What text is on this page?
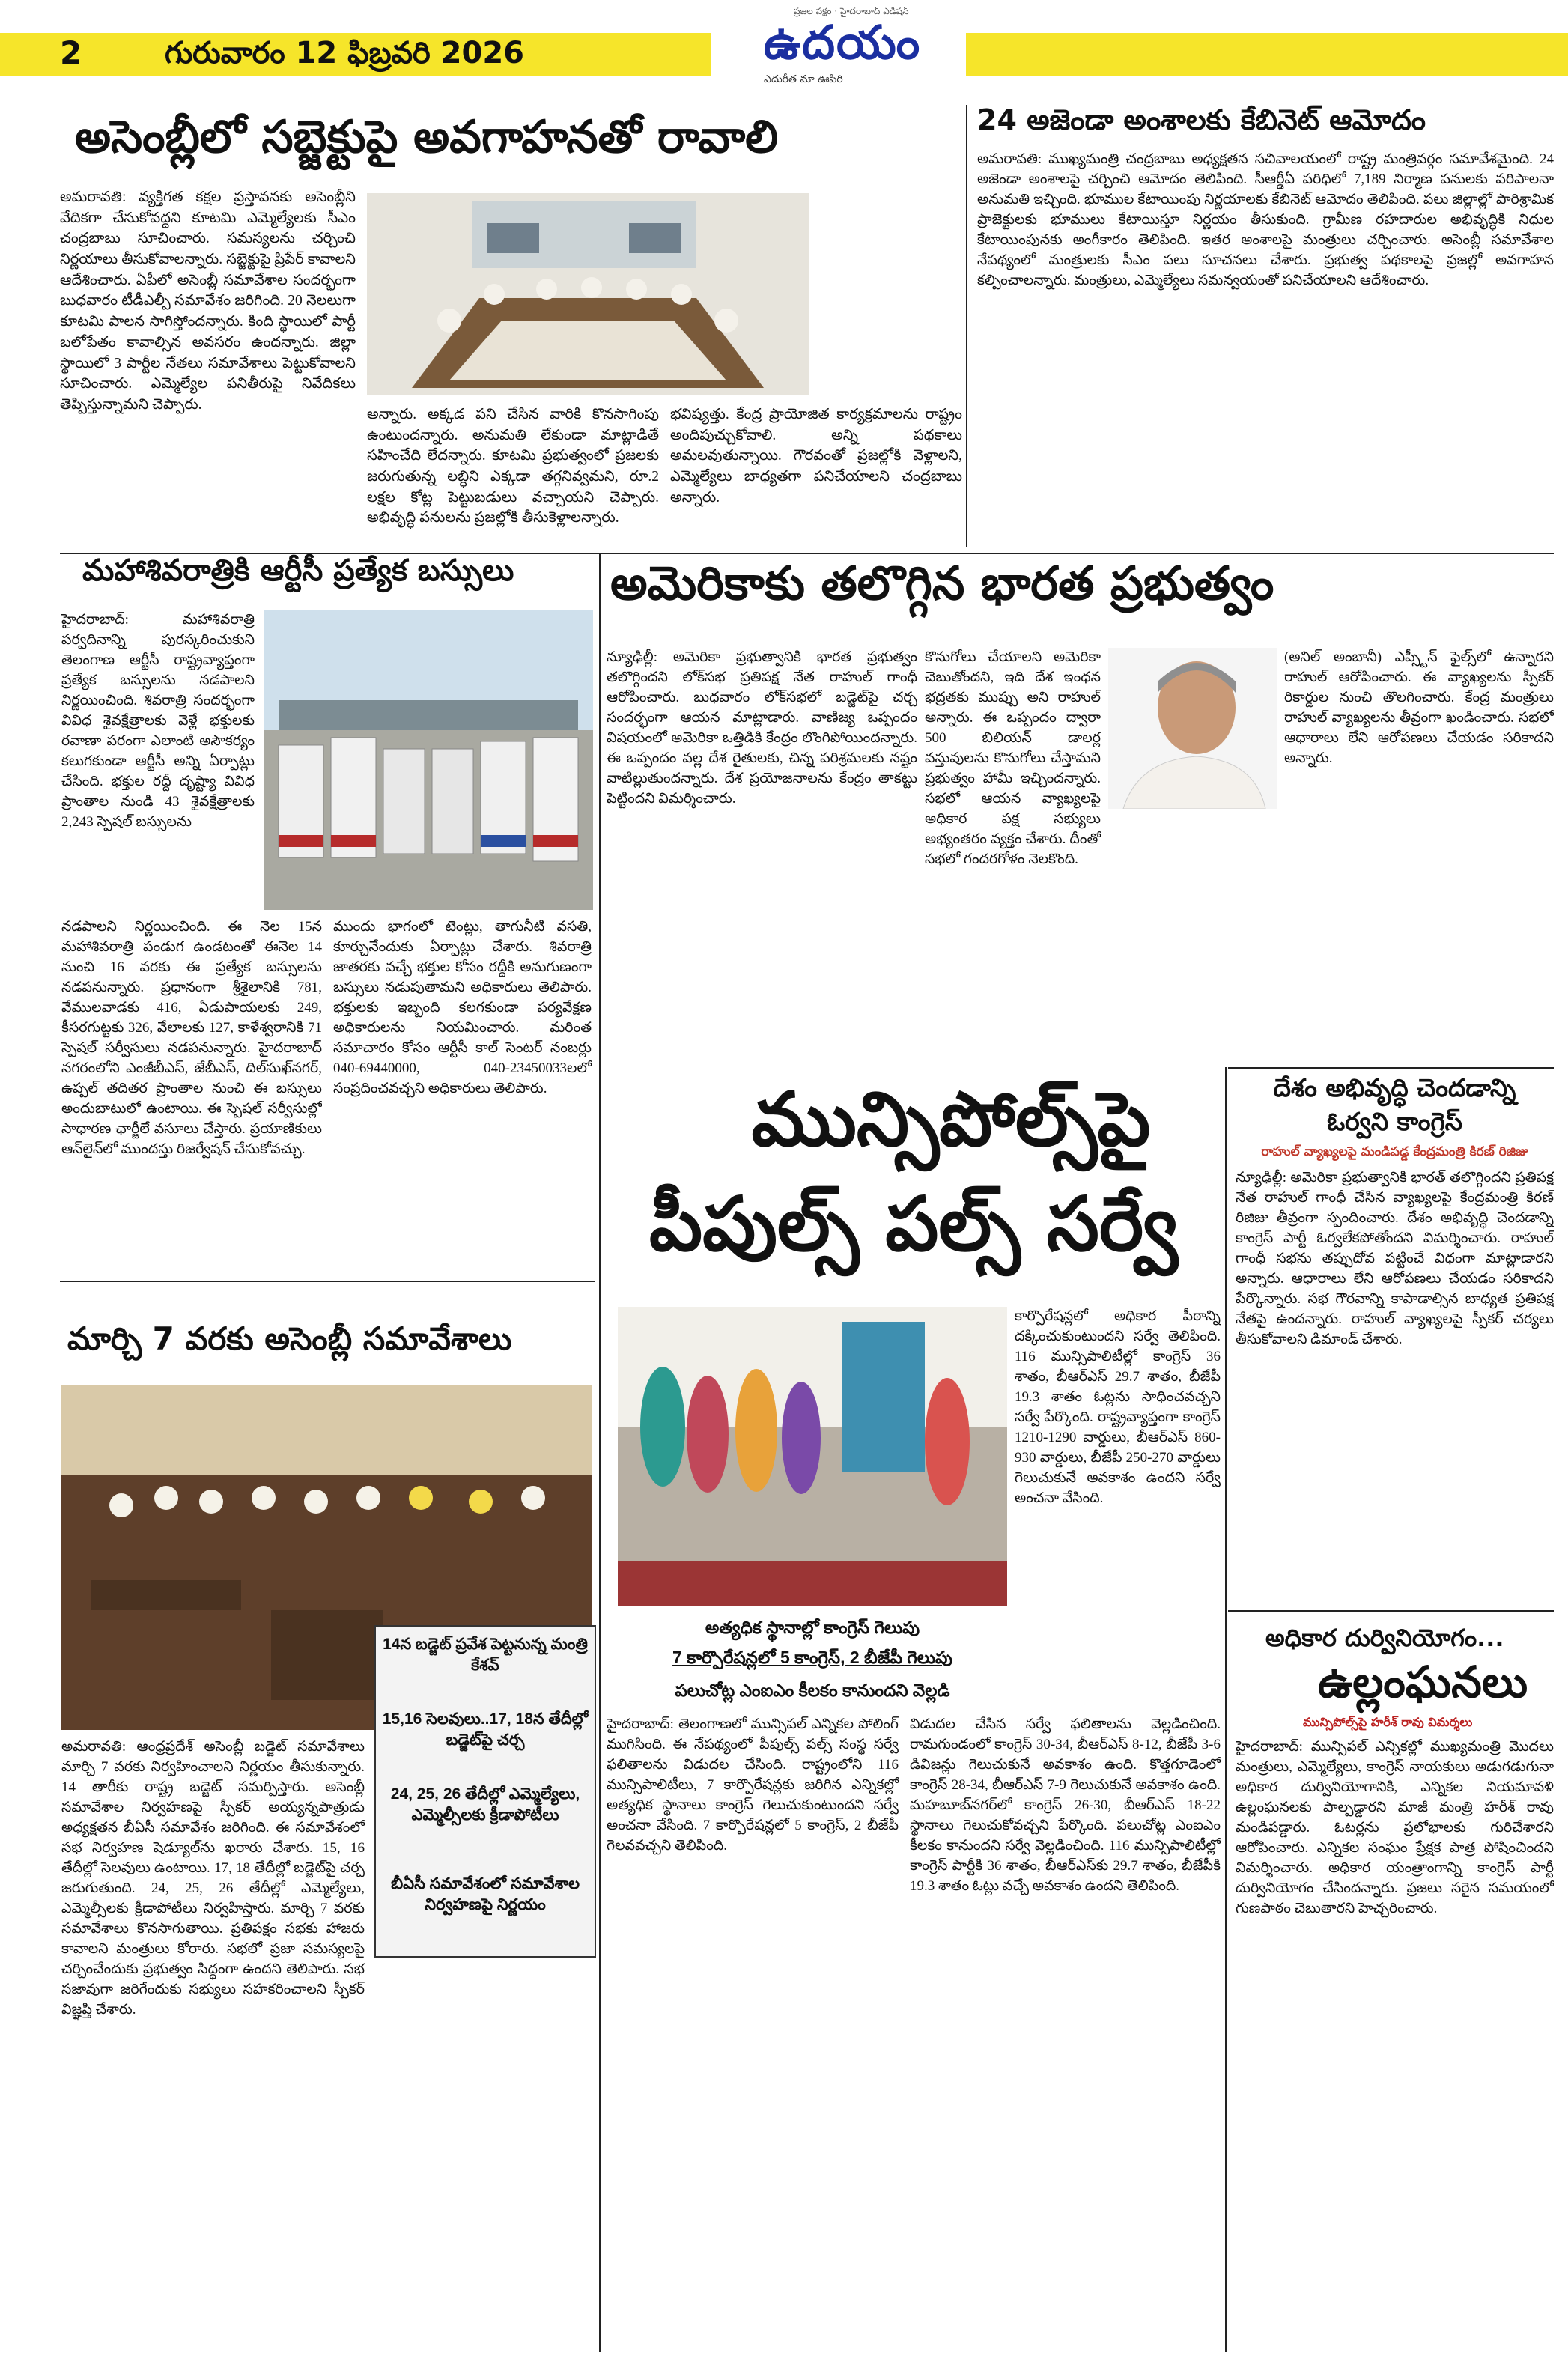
2	గురువారం 12 ఫిబ్రవరి 2026
ప్రజల పక్షం · హైదరాబాద్ ఎడిషన్
ఉదయం
ఎదురీత మా ఊపిరి
అసెంబ్లీలో సబ్జెక్టుపై అవగాహనతో రావాలి
అమరావతి: వ్యక్తిగత కక్షల ప్రస్తావనకు అసెంబ్లీని వేదికగా చేసుకోవద్దని కూటమి ఎమ్మెల్యేలకు సీఎం చంద్రబాబు సూచించారు. సమస్యలను చర్చించి నిర్ణయాలు తీసుకోవాలన్నారు. సబ్జెక్టుపై ప్రిపేర్ కావాలని ఆదేశించారు. ఏపీలో అసెంబ్లీ సమావేశాల సందర్భంగా బుధవారం టీడీఎల్పీ సమావేశం జరిగింది. 20 నెలలుగా కూటమి పాలన సాగిస్తోందన్నారు. కింది స్థాయిలో పార్టీ బలోపేతం కావాల్సిన అవసరం ఉందన్నారు. జిల్లా స్థాయిలో 3 పార్టీల నేతలు సమావేశాలు పెట్టుకోవాలని సూచించారు. ఎమ్మెల్యేల పనితీరుపై నివేదికలు తెప్పిస్తున్నామని చెప్పారు.
అన్నారు. అక్కడ పని చేసిన వారికి కొనసాగింపు ఉంటుందన్నారు. అనుమతి లేకుండా మాట్లాడితే సహించేది లేదన్నారు. కూటమి ప్రభుత్వంలో ప్రజలకు జరుగుతున్న లబ్ధిని ఎక్కడా తగ్గనివ్వమని, రూ.2 లక్షల కోట్ల పెట్టుబడులు వచ్చాయని చెప్పారు. అభివృద్ధి పనులను ప్రజల్లోకి తీసుకెళ్లాలన్నారు.
భవిష్యత్తు. కేంద్ర ప్రాయోజిత కార్యక్రమాలను రాష్ట్రం అందిపుచ్చుకోవాలి. అన్ని పథకాలు అమలవుతున్నాయి. గౌరవంతో ప్రజల్లోకి వెళ్లాలని, ఎమ్మెల్యేలు బాధ్యతగా పనిచేయాలని చంద్రబాబు అన్నారు.
24 అజెండా అంశాలకు కేబినెట్ ఆమోదం
అమరావతి: ముఖ్యమంత్రి చంద్రబాబు అధ్యక్షతన సచివాలయంలో రాష్ట్ర మంత్రివర్గం సమావేశమైంది. 24 అజెండా అంశాలపై చర్చించి ఆమోదం తెలిపింది. సీఆర్డీఏ పరిధిలో 7,189 నిర్మాణ పనులకు పరిపాలనా అనుమతి ఇచ్చింది. భూముల కేటాయింపు నిర్ణయాలకు కేబినెట్ ఆమోదం తెలిపింది. పలు జిల్లాల్లో పారిశ్రామిక ప్రాజెక్టులకు భూములు కేటాయిస్తూ నిర్ణయం తీసుకుంది. గ్రామీణ రహదారుల అభివృద్ధికి నిధుల కేటాయింపునకు అంగీకారం తెలిపింది. ఇతర అంశాలపై మంత్రులు చర్చించారు. అసెంబ్లీ సమావేశాల నేపథ్యంలో మంత్రులకు సీఎం పలు సూచనలు చేశారు. ప్రభుత్వ పథకాలపై ప్రజల్లో అవగాహన కల్పించాలన్నారు. మంత్రులు, ఎమ్మెల్యేలు సమన్వయంతో పనిచేయాలని ఆదేశించారు.
మహాశివరాత్రికి ఆర్టీసీ ప్రత్యేక బస్సులు
హైదరాబాద్: మహాశివరాత్రి పర్వదినాన్ని పురస్కరించుకుని తెలంగాణ ఆర్టీసీ రాష్ట్రవ్యాప్తంగా ప్రత్యేక బస్సులను నడపాలని నిర్ణయించింది. శివరాత్రి సందర్భంగా వివిధ శైవక్షేత్రాలకు వెళ్లే భక్తులకు రవాణా పరంగా ఎలాంటి అసౌకర్యం కలుగకుండా ఆర్టీసీ అన్ని ఏర్పాట్లు చేసింది. భక్తుల రద్దీ దృష్ట్యా వివిధ ప్రాంతాల నుండి 43 శైవక్షేత్రాలకు 2,243 స్పెషల్ బస్సులను
నడపాలని నిర్ణయించింది. ఈ నెల 15న మహాశివరాత్రి పండుగ ఉండటంతో ఈనెల 14 నుంచి 16 వరకు ఈ ప్రత్యేక బస్సులను నడపనున్నారు. ప్రధానంగా శ్రీశైలానికి 781, వేములవాడకు 416, ఏడుపాయలకు 249, కీసరగుట్టకు 326, వేలాలకు 127, కాళేశ్వరానికి 71 స్పెషల్ సర్వీసులు నడపనున్నారు. హైదరాబాద్ నగరంలోని ఎంజీబీఎస్, జేబీఎస్, దిల్‌సుఖ్‌నగర్, ఉప్పల్ తదితర ప్రాంతాల నుంచి ఈ బస్సులు అందుబాటులో ఉంటాయి. ఈ స్పెషల్ సర్వీసుల్లో సాధారణ ఛార్జీలే వసూలు చేస్తారు. ప్రయాణికులు ఆన్‌లైన్‌లో ముందస్తు రిజర్వేషన్ చేసుకోవచ్చు.
ముందు భాగంలో టెంట్లు, తాగునీటి వసతి, కూర్చునేందుకు ఏర్పాట్లు చేశారు. శివరాత్రి జాతరకు వచ్చే భక్తుల కోసం రద్దీకి అనుగుణంగా బస్సులు నడుపుతామని అధికారులు తెలిపారు. భక్తులకు ఇబ్బంది కలగకుండా పర్యవేక్షణ అధికారులను నియమించారు. మరింత సమాచారం కోసం ఆర్టీసీ కాల్ సెంటర్ నంబర్లు 040-69440000, 040-23450033లలో సంప్రదించవచ్చని అధికారులు తెలిపారు.
అమెరికాకు తలొగ్గిన భారత ప్రభుత్వం
న్యూఢిల్లీ: అమెరికా ప్రభుత్వానికి భారత ప్రభుత్వం తలొగ్గిందని లోక్‌సభ ప్రతిపక్ష నేత రాహుల్ గాంధీ ఆరోపించారు. బుధవారం లోక్‌సభలో బడ్జెట్‌పై చర్చ సందర్భంగా ఆయన మాట్లాడారు. వాణిజ్య ఒప్పందం విషయంలో అమెరికా ఒత్తిడికి కేంద్రం లొంగిపోయిందన్నారు. ఈ ఒప్పందం వల్ల దేశ రైతులకు, చిన్న పరిశ్రమలకు నష్టం వాటిల్లుతుందన్నారు. దేశ ప్రయోజనాలను కేంద్రం తాకట్టు పెట్టిందని విమర్శించారు.
కొనుగోలు చేయాలని అమెరికా చెబుతోందని, ఇది దేశ ఇంధన భద్రతకు ముప్పు అని రాహుల్ అన్నారు. ఈ ఒప్పందం ద్వారా 500 బిలియన్ డాలర్ల వస్తువులను కొనుగోలు చేస్తామని ప్రభుత్వం హామీ ఇచ్చిందన్నారు. సభలో ఆయన వ్యాఖ్యలపై అధికార పక్ష సభ్యులు అభ్యంతరం వ్యక్తం చేశారు. దీంతో సభలో గందరగోళం నెలకొంది.
(అనిల్ అంబానీ) ఎప్స్టీన్‌ ఫైల్స్‌లో ఉన్నారని రాహుల్ ఆరోపించారు. ఈ వ్యాఖ్యలను స్పీకర్ రికార్డుల నుంచి తొలగించారు. కేంద్ర మంత్రులు రాహుల్ వ్యాఖ్యలను తీవ్రంగా ఖండించారు. సభలో ఆధారాలు లేని ఆరోపణలు చేయడం సరికాదని అన్నారు.
మున్సిపోల్స్‌పై
పీపుల్స్ పల్స్ సర్వే
అత్యధిక స్థానాల్లో కాంగ్రెస్ గెలుపు
7 కార్పొరేషన్లలో 5 కాంగ్రెస్, 2 బీజేపీ గెలుపు
పలుచోట్ల ఎంఐఎం కీలకం కానుందని వెల్లడి
కార్పొరేషన్లలో అధికార పీఠాన్ని దక్కించుకుంటుందని సర్వే తెలిపింది. 116 మున్సిపాలిటీల్లో కాంగ్రెస్ 36 శాతం, బీఆర్ఎస్ 29.7 శాతం, బీజేపీ 19.3 శాతం ఓట్లను సాధించవచ్చని సర్వే పేర్కొంది. రాష్ట్రవ్యాప్తంగా కాంగ్రెస్ 1210-1290 వార్డులు, బీఆర్ఎస్ 860-930 వార్డులు, బీజేపీ 250-270 వార్డులు గెలుచుకునే అవకాశం ఉందని సర్వే అంచనా వేసింది.
హైదరాబాద్: తెలంగాణలో మున్సిపల్ ఎన్నికల పోలింగ్ ముగిసింది. ఈ నేపథ్యంలో పీపుల్స్ పల్స్ సంస్థ సర్వే ఫలితాలను విడుదల చేసింది. రాష్ట్రంలోని 116 మున్సిపాలిటీలు, 7 కార్పొరేషన్లకు జరిగిన ఎన్నికల్లో అత్యధిక స్థానాలు కాంగ్రెస్ గెలుచుకుంటుందని సర్వే అంచనా వేసింది. 7 కార్పొరేషన్లలో 5 కాంగ్రెస్, 2 బీజేపీ గెలవవచ్చని తెలిపింది.
విడుదల చేసిన సర్వే ఫలితాలను వెల్లడించింది. రామగుండంలో కాంగ్రెస్ 30-34, బీఆర్ఎస్ 8-12, బీజేపీ 3-6 డివిజన్లు గెలుచుకునే అవకాశం ఉంది. కొత్తగూడెంలో కాంగ్రెస్ 28-34, బీఆర్ఎస్ 7-9 గెలుచుకునే అవకాశం ఉంది. మహబూబ్‌నగర్‌లో కాంగ్రెస్ 26-30, బీఆర్ఎస్ 18-22 స్థానాలు గెలుచుకోవచ్చని పేర్కొంది. పలుచోట్ల ఎంఐఎం కీలకం కానుందని సర్వే వెల్లడించింది. 116 మున్సిపాలిటీల్లో కాంగ్రెస్ పార్టీకి 36 శాతం, బీఆర్ఎస్‌కు 29.7 శాతం, బీజేపీకి 19.3 శాతం ఓట్లు వచ్చే అవకాశం ఉందని తెలిపింది.
దేశం అభివృద్ధి చెందడాన్ని
ఓర్వని కాంగ్రెస్
రాహుల్ వ్యాఖ్యలపై మండిపడ్డ కేంద్రమంత్రి కిరణ్ రిజిజు
న్యూఢిల్లీ: అమెరికా ప్రభుత్వానికి భారత్ తలొగ్గిందని ప్రతిపక్ష నేత రాహుల్ గాంధీ చేసిన వ్యాఖ్యలపై కేంద్రమంత్రి కిరణ్ రిజిజు తీవ్రంగా స్పందించారు. దేశం అభివృద్ధి చెందడాన్ని కాంగ్రెస్ పార్టీ ఓర్వలేకపోతోందని విమర్శించారు. రాహుల్ గాంధీ సభను తప్పుదోవ పట్టించే విధంగా మాట్లాడారని అన్నారు. ఆధారాలు లేని ఆరోపణలు చేయడం సరికాదని పేర్కొన్నారు. సభ గౌరవాన్ని కాపాడాల్సిన బాధ్యత ప్రతిపక్ష నేతపై ఉందన్నారు. రాహుల్ వ్యాఖ్యలపై స్పీకర్ చర్యలు తీసుకోవాలని డిమాండ్ చేశారు.
అధికార దుర్వినియోగం...
ఉల్లంఘనలు
మున్సిపోల్స్‌పై హరీశ్ రావు విమర్శలు
హైదరాబాద్: మున్సిపల్ ఎన్నికల్లో ముఖ్యమంత్రి మొదలు మంత్రులు, ఎమ్మెల్యేలు, కాంగ్రెస్ నాయకులు అడుగడుగునా అధికార దుర్వినియోగానికి, ఎన్నికల నియమావళి ఉల్లంఘనలకు పాల్పడ్డారని మాజీ మంత్రి హరీశ్ రావు మండిపడ్డారు. ఓటర్లను ప్రలోభాలకు గురిచేశారని ఆరోపించారు. ఎన్నికల సంఘం ప్రేక్షక పాత్ర పోషించిందని విమర్శించారు. అధికార యంత్రాంగాన్ని కాంగ్రెస్ పార్టీ దుర్వినియోగం చేసిందన్నారు. ప్రజలు సరైన సమయంలో గుణపాఠం చెబుతారని హెచ్చరించారు.
మార్చి 7 వరకు అసెంబ్లీ సమావేశాలు
14న బడ్జెట్ ప్రవేశ పెట్టనున్న మంత్రి కేశవ్
15,16 సెలవులు..17, 18న తేదీల్లో బడ్జెట్‌పై చర్చ
24, 25, 26 తేదీల్లో ఎమ్మెల్యేలు, ఎమ్మెల్సీలకు క్రీడాపోటీలు
బీఏసీ సమావేశంలో సమావేశాల నిర్వహణపై నిర్ణయం
అమరావతి: ఆంధ్రప్రదేశ్ అసెంబ్లీ బడ్జెట్ సమావేశాలు మార్చి 7 వరకు నిర్వహించాలని నిర్ణయం తీసుకున్నారు. 14 తారీకు రాష్ట్ర బడ్జెట్ సమర్పిస్తారు. అసెంబ్లీ సమావేశాల నిర్వహణపై స్పీకర్ అయ్యన్నపాత్రుడు అధ్యక్షతన బీఏసీ సమావేశం జరిగింది. ఈ సమావేశంలో సభ నిర్వహణ షెడ్యూల్‌ను ఖరారు చేశారు. 15, 16 తేదీల్లో సెలవులు ఉంటాయి. 17, 18 తేదీల్లో బడ్జెట్‌పై చర్చ జరుగుతుంది. 24, 25, 26 తేదీల్లో ఎమ్మెల్యేలు, ఎమ్మెల్సీలకు క్రీడాపోటీలు నిర్వహిస్తారు. మార్చి 7 వరకు సమావేశాలు కొనసాగుతాయి. ప్రతిపక్షం సభకు హాజరు కావాలని మంత్రులు కోరారు. సభలో ప్రజా సమస్యలపై చర్చించేందుకు ప్రభుత్వం సిద్ధంగా ఉందని తెలిపారు. సభ సజావుగా జరిగేందుకు సభ్యులు సహకరించాలని స్పీకర్ విజ్ఞప్తి చేశారు.
